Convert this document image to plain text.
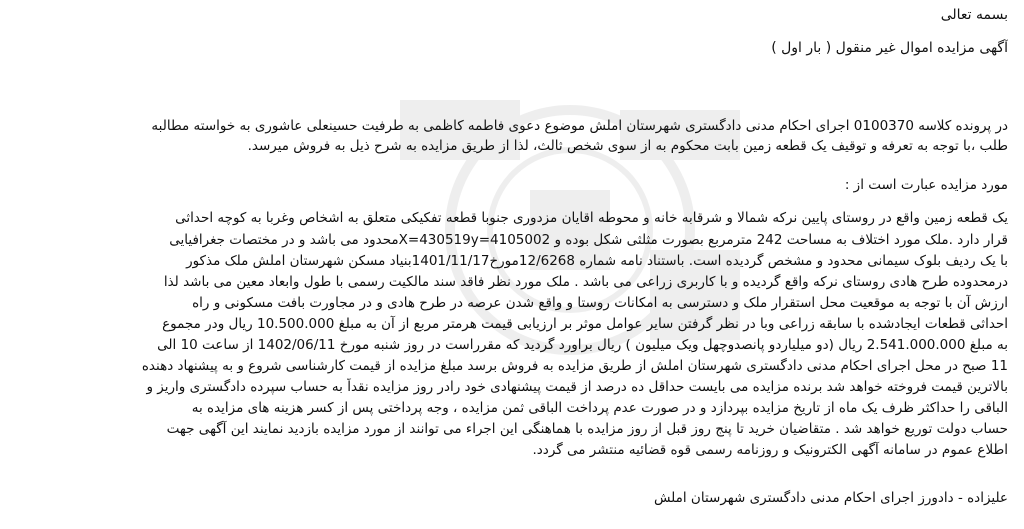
بسمه تعالی
آگهی مزایده اموال غیر منقول ( بار اول )
در پرونده کلاسه 0100370 اجرای احکام مدنی دادگستری شهرستان املش موضوع دعوی فاطمه کاظمی به طرفیت حسینعلی عاشوری به خواسته مطالبه
طلب ،با توجه به تعرفه و توقیف یک قطعه زمین بابت محکوم به از سوی شخص ثالث، لذا از طریق مزایده به شرح ذیل به فروش میرسد.
مورد مزایده عبارت است از :
یک قطعه زمین واقع در روستای پایین نرکه شمالا و شرقابه خانه و محوطه اقایان مزدوری جنوبا قطعه تفکیکی متعلق به اشخاص وغربا به کوچه احداثی
قرار دارد .ملک مورد اختلاف به مساحت 242 مترمربع بصورت مثلثی شکل بوده و X=430519y=4105002محدود می باشد و در مختصات جغرافیایی
با یک ردیف بلوک سیمانی محدود و مشخص گردیده است. باستناد نامه شماره 12/6268مورخ1401/11/17بنیاد مسکن شهرستان املش ملک مذکور
درمحدوده طرح هادی روستای نرکه واقع گردیده و با کاربری زراعی می باشد . ملک مورد نظر فاقد سند مالکیت رسمی با طول وابعاد معین می باشد لذا
ارزش آن با توجه به موقعیت محل استقرار ملک و دسترسی به امکانات روستا و واقع شدن عرصه در طرح هادی و در مجاورت بافت مسکونی و راه
احداثی قطعات ایجادشده با سابقه زراعی وبا در نظر گرفتن سایر عوامل موثر بر ارزیابی قیمت هرمتر مربع از آن به مبلغ 10.500.000 ریال ودر مجموع
به مبلغ 2.541.000.000 ریال (دو میلیاردو پانصدوچهل ویک میلیون ) ریال براورد گردید که مقرراست در روز شنبه مورخ 1402/06/11 از ساعت 10 الی
11 صبح در محل اجرای احکام مدنی دادگستری شهرستان املش از طریق مزایده به فروش برسد مبلغ مزایده از قیمت کارشناسی شروع و به پیشنهاد دهنده
بالاترین قیمت فروخته خواهد شد برنده مزایده می بایست حداقل ده درصد از قیمت پیشنهادی خود رادر روز مزایده نقداً به حساب سپرده دادگستری واریز و
الباقی را حداکثر ظرف یک ماه از تاریخ مزایده بپردازد و در صورت عدم پرداخت الباقی ثمن مزایده ، وجه پرداختی پس از کسر هزینه های مزایده به
حساب دولت توریع خواهد شد . متقاضیان خرید تا پنج روز قبل از روز مزایده با هماهنگی این اجراء می توانند از مورد مزایده بازدید نمایند این آگهی جهت
اطلاع عموم در سامانه آگهی الکترونیک و روزنامه رسمی قوه قضائیه منتشر می گردد.
علیزاده - دادورز اجرای احکام مدنی دادگستری شهرستان املش
